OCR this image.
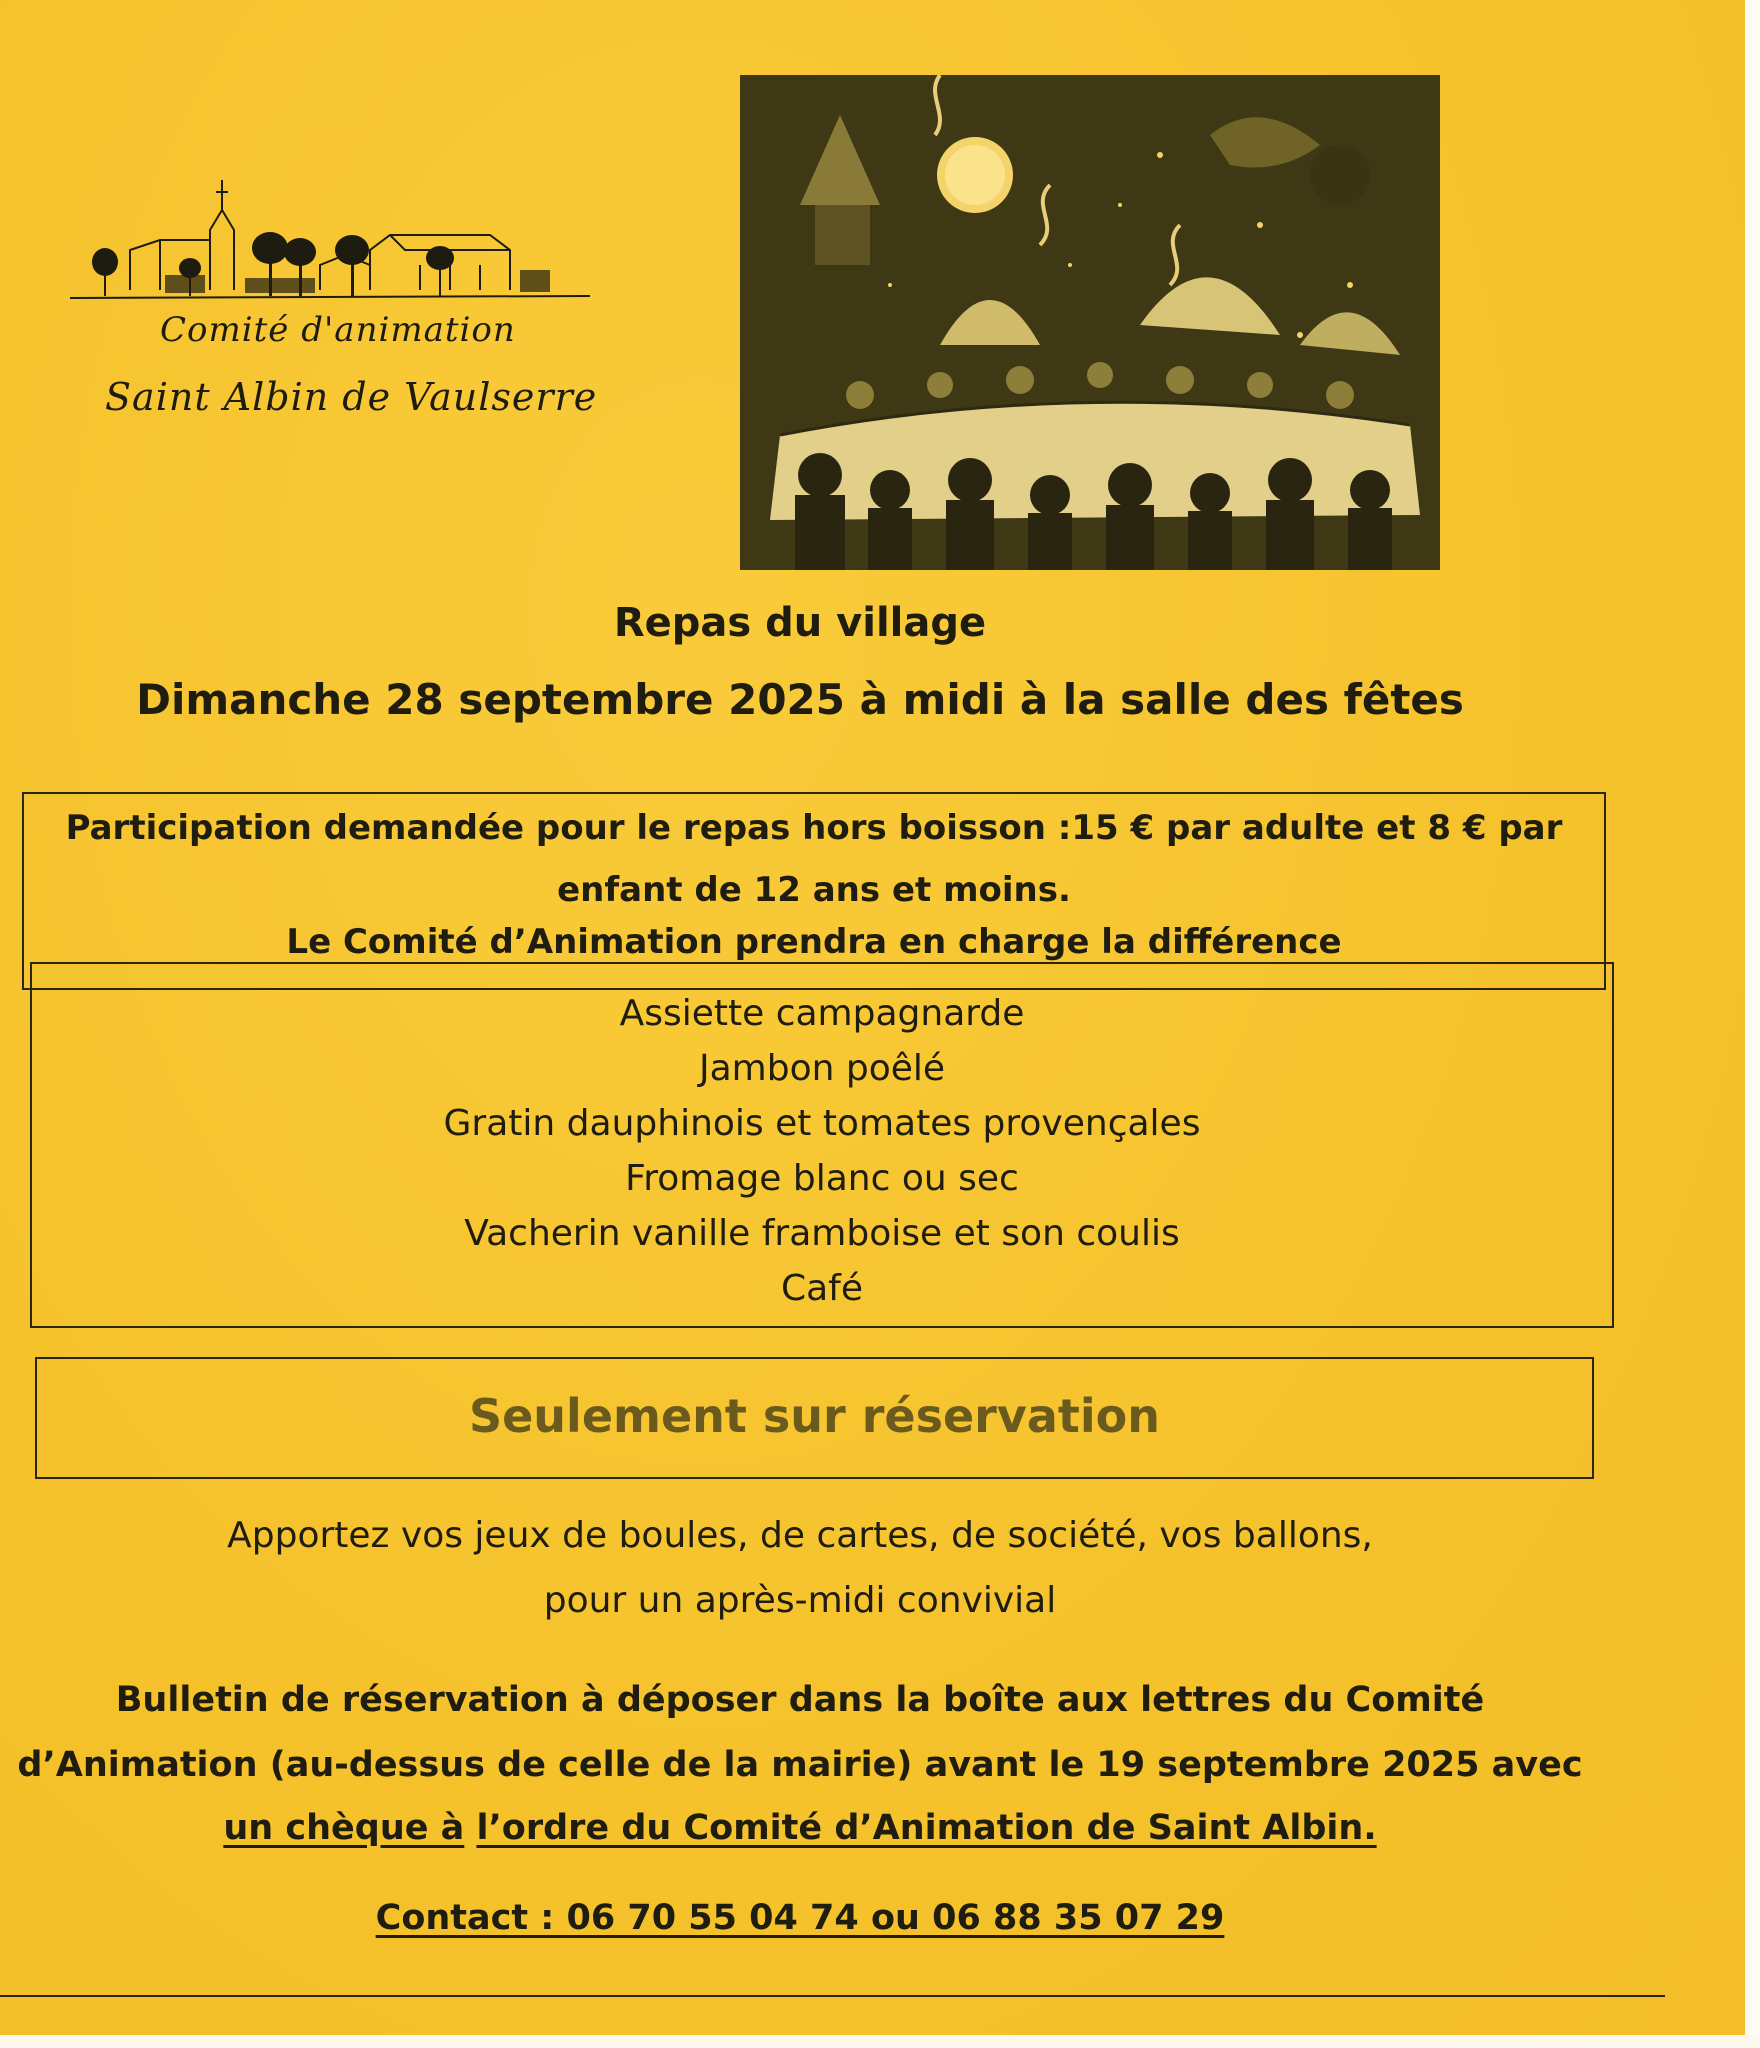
Comité d'animation
Saint Albin de Vaulserre
Repas du village
Dimanche 28 septembre 2025 à midi à la salle des fêtes
Participation demandée pour le repas hors boisson :15 € par adulte et 8 € par
enfant de 12 ans et moins.
Le Comité d’Animation prendra en charge la différence
Assiette campagnarde
Jambon poêlé
Gratin dauphinois et tomates provençales
Fromage blanc ou sec
Vacherin vanille framboise et son coulis
Café
Seulement sur réservation
Apportez vos jeux de boules, de cartes, de société, vos ballons,
pour un après-midi convivial
Bulletin de réservation à déposer dans la boîte aux lettres du Comité
d’Animation (au-dessus de celle de la mairie) avant le 19 septembre 2025 avec
un chèque à l’ordre du Comité d’Animation de Saint Albin.
Contact : 06 70 55 04 74 ou 06 88 35 07 29
